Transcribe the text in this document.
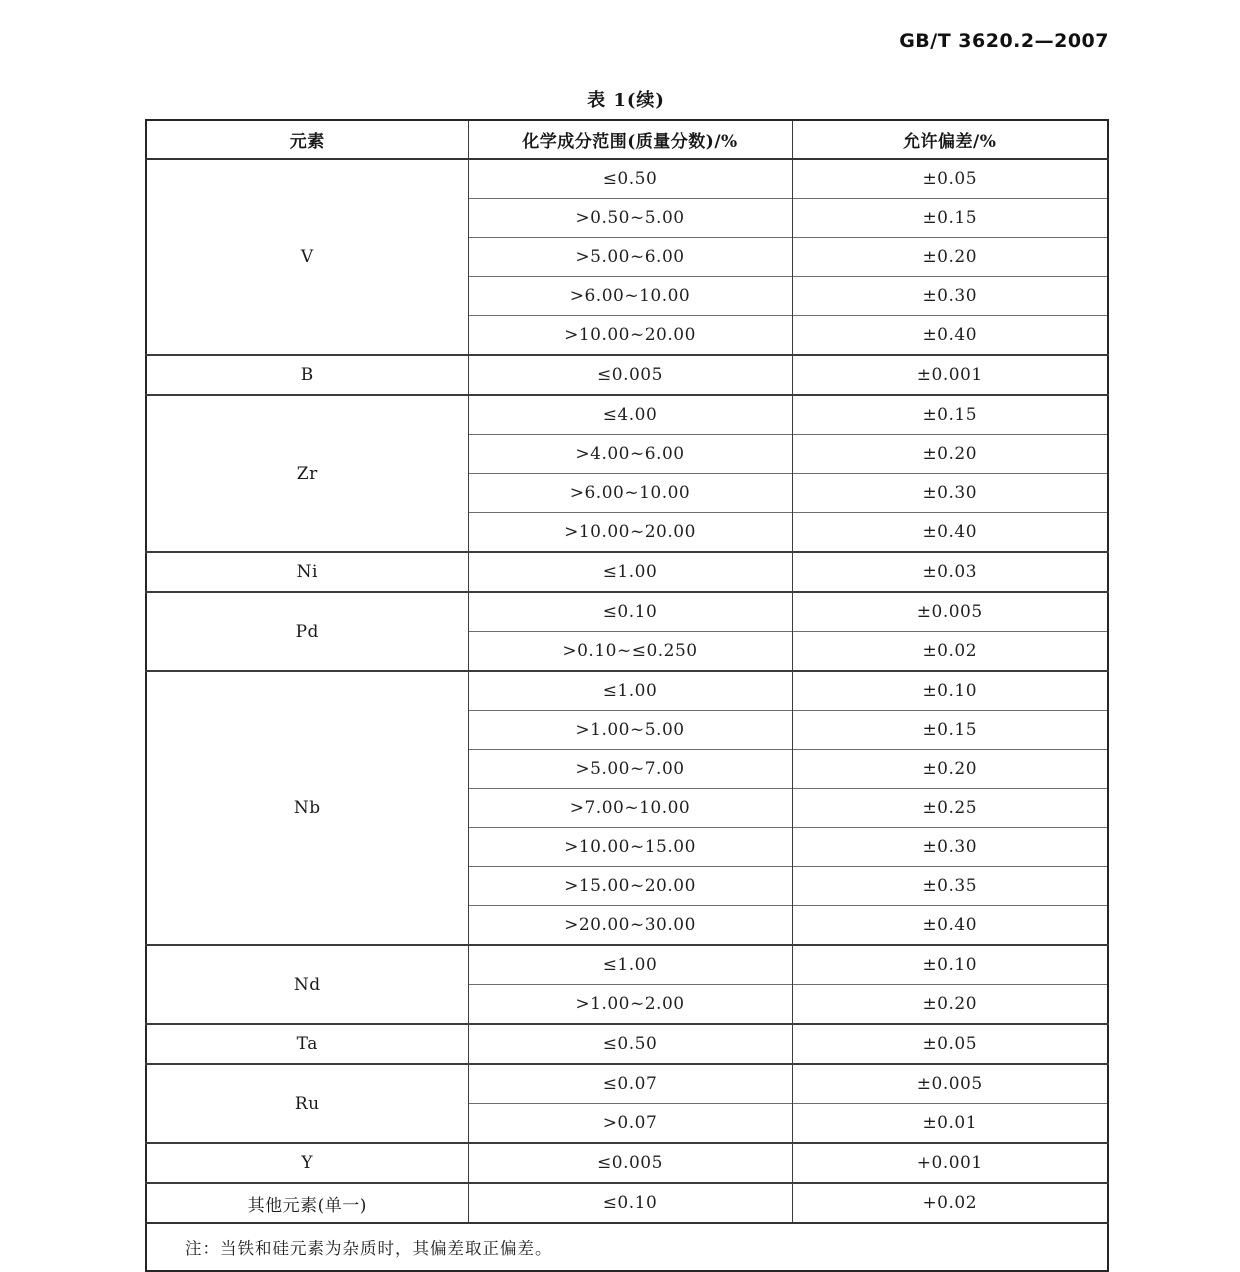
GB/T 3620.2—2007
表 1(续)
元素	化学成分范围(质量分数)/%	允许偏差/%
V	≤0.50	±0.05
	>0.50~5.00	±0.15
	>5.00~6.00	±0.20
	>6.00~10.00	±0.30
	>10.00~20.00	±0.40
B	≤0.005	±0.001
Zr	≤4.00	±0.15
	>4.00~6.00	±0.20
	>6.00~10.00	±0.30
	>10.00~20.00	±0.40
Ni	≤1.00	±0.03
Pd	≤0.10	±0.005
	>0.10~≤0.250	±0.02
Nb	≤1.00	±0.10
	>1.00~5.00	±0.15
	>5.00~7.00	±0.20
	>7.00~10.00	±0.25
	>10.00~15.00	±0.30
	>15.00~20.00	±0.35
	>20.00~30.00	±0.40
Nd	≤1.00	±0.10
	>1.00~2.00	±0.20
Ta	≤0.50	±0.05
Ru	≤0.07	±0.005
	>0.07	±0.01
Y	≤0.005	+0.001
其他元素(单一)	≤0.10	+0.02
注：当铁和硅元素为杂质时，其偏差取正偏差。		
